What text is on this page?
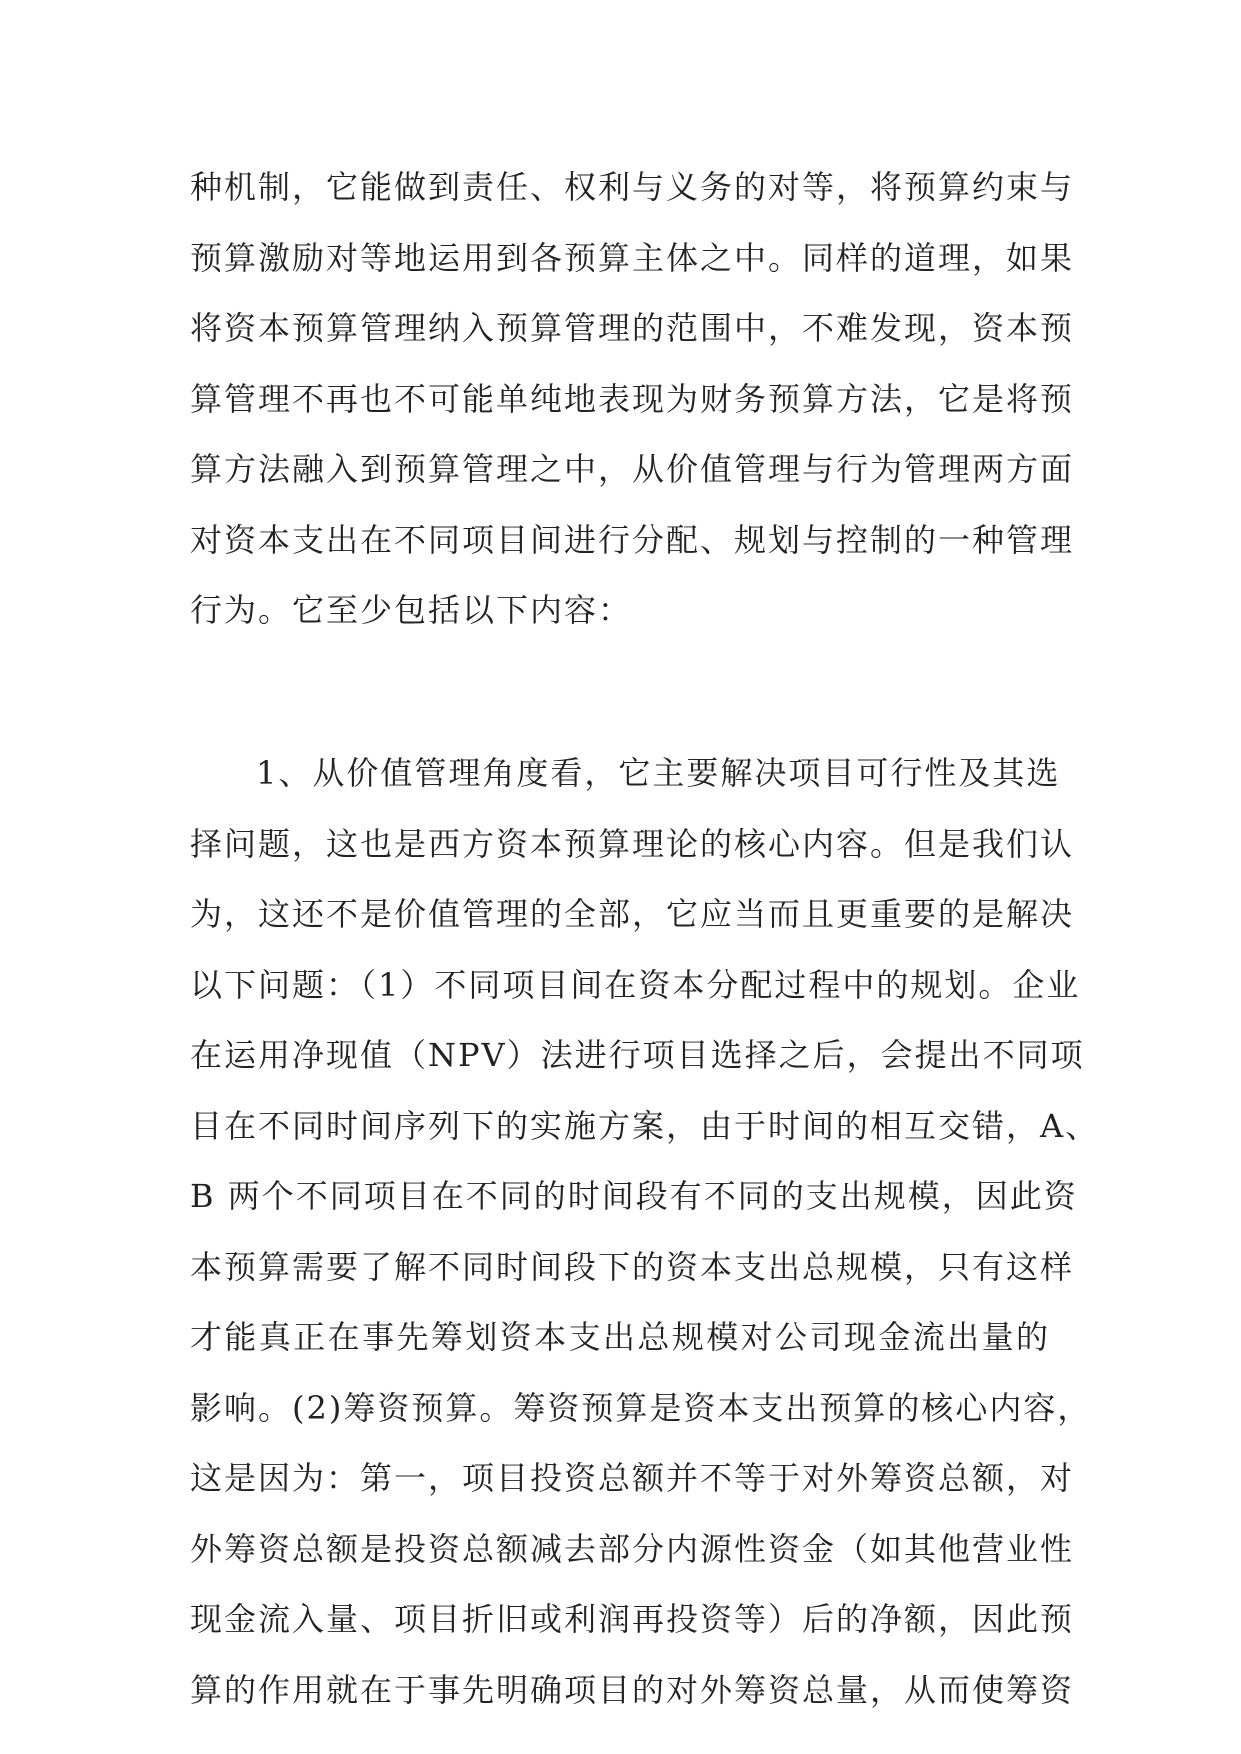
种机制，它能做到责任、权利与义务的对等，将预算约束与
预算激励对等地运用到各预算主体之中。同样的道理，如果
将资本预算管理纳入预算管理的范围中，不难发现，资本预
算管理不再也不可能单纯地表现为财务预算方法，它是将预
算方法融入到预算管理之中，从价值管理与行为管理两方面
对资本支出在不同项目间进行分配、规划与控制的一种管理
行为。它至少包括以下内容：
1、从价值管理角度看，它主要解决项目可行性及其选
择问题，这也是西方资本预算理论的核心内容。但是我们认
为，这还不是价值管理的全部，它应当而且更重要的是解决
以下问题：（1）不同项目间在资本分配过程中的规划。企业
在运用净现值（NPV）法进行项目选择之后，会提出不同项
目在不同时间序列下的实施方案，由于时间的相互交错，A、
B 两个不同项目在不同的时间段有不同的支出规模，因此资
本预算需要了解不同时间段下的资本支出总规模，只有这样
才能真正在事先筹划资本支出总规模对公司现金流出量的
影响。(2)筹资预算。筹资预算是资本支出预算的核心内容，
这是因为：第一，项目投资总额并不等于对外筹资总额，对
外筹资总额是投资总额减去部分内源性资金（如其他营业性
现金流入量、项目折旧或利润再投资等）后的净额，因此预
算的作用就在于事先明确项目的对外筹资总量，从而使筹资
